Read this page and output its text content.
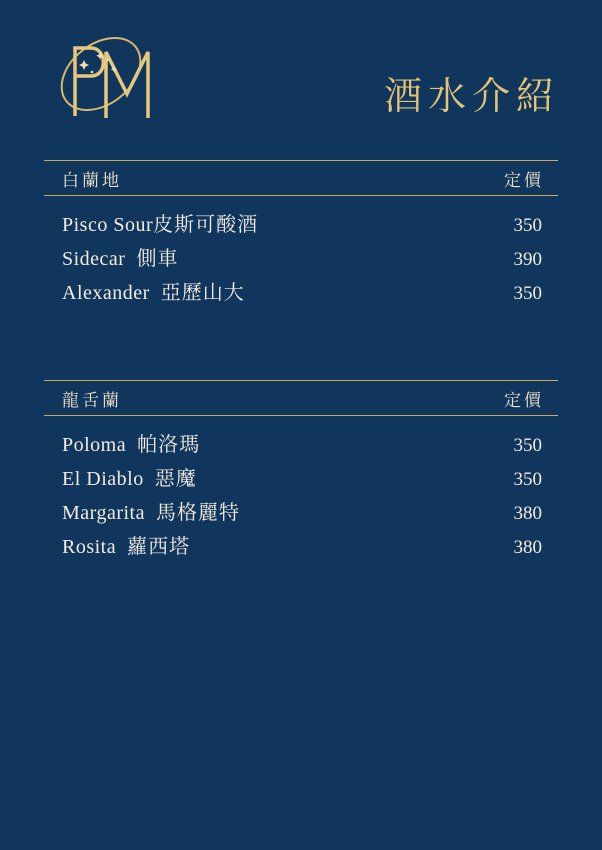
酒水介紹
白蘭地	定價
Pisco Sour皮斯可酸酒	350
Sidecar 側車	390
Alexander 亞歷山大	350
龍舌蘭	定價
Poloma 帕洛瑪	350
El Diablo 惡魔	350
Margarita 馬格麗特	380
Rosita 蘿西塔	380
